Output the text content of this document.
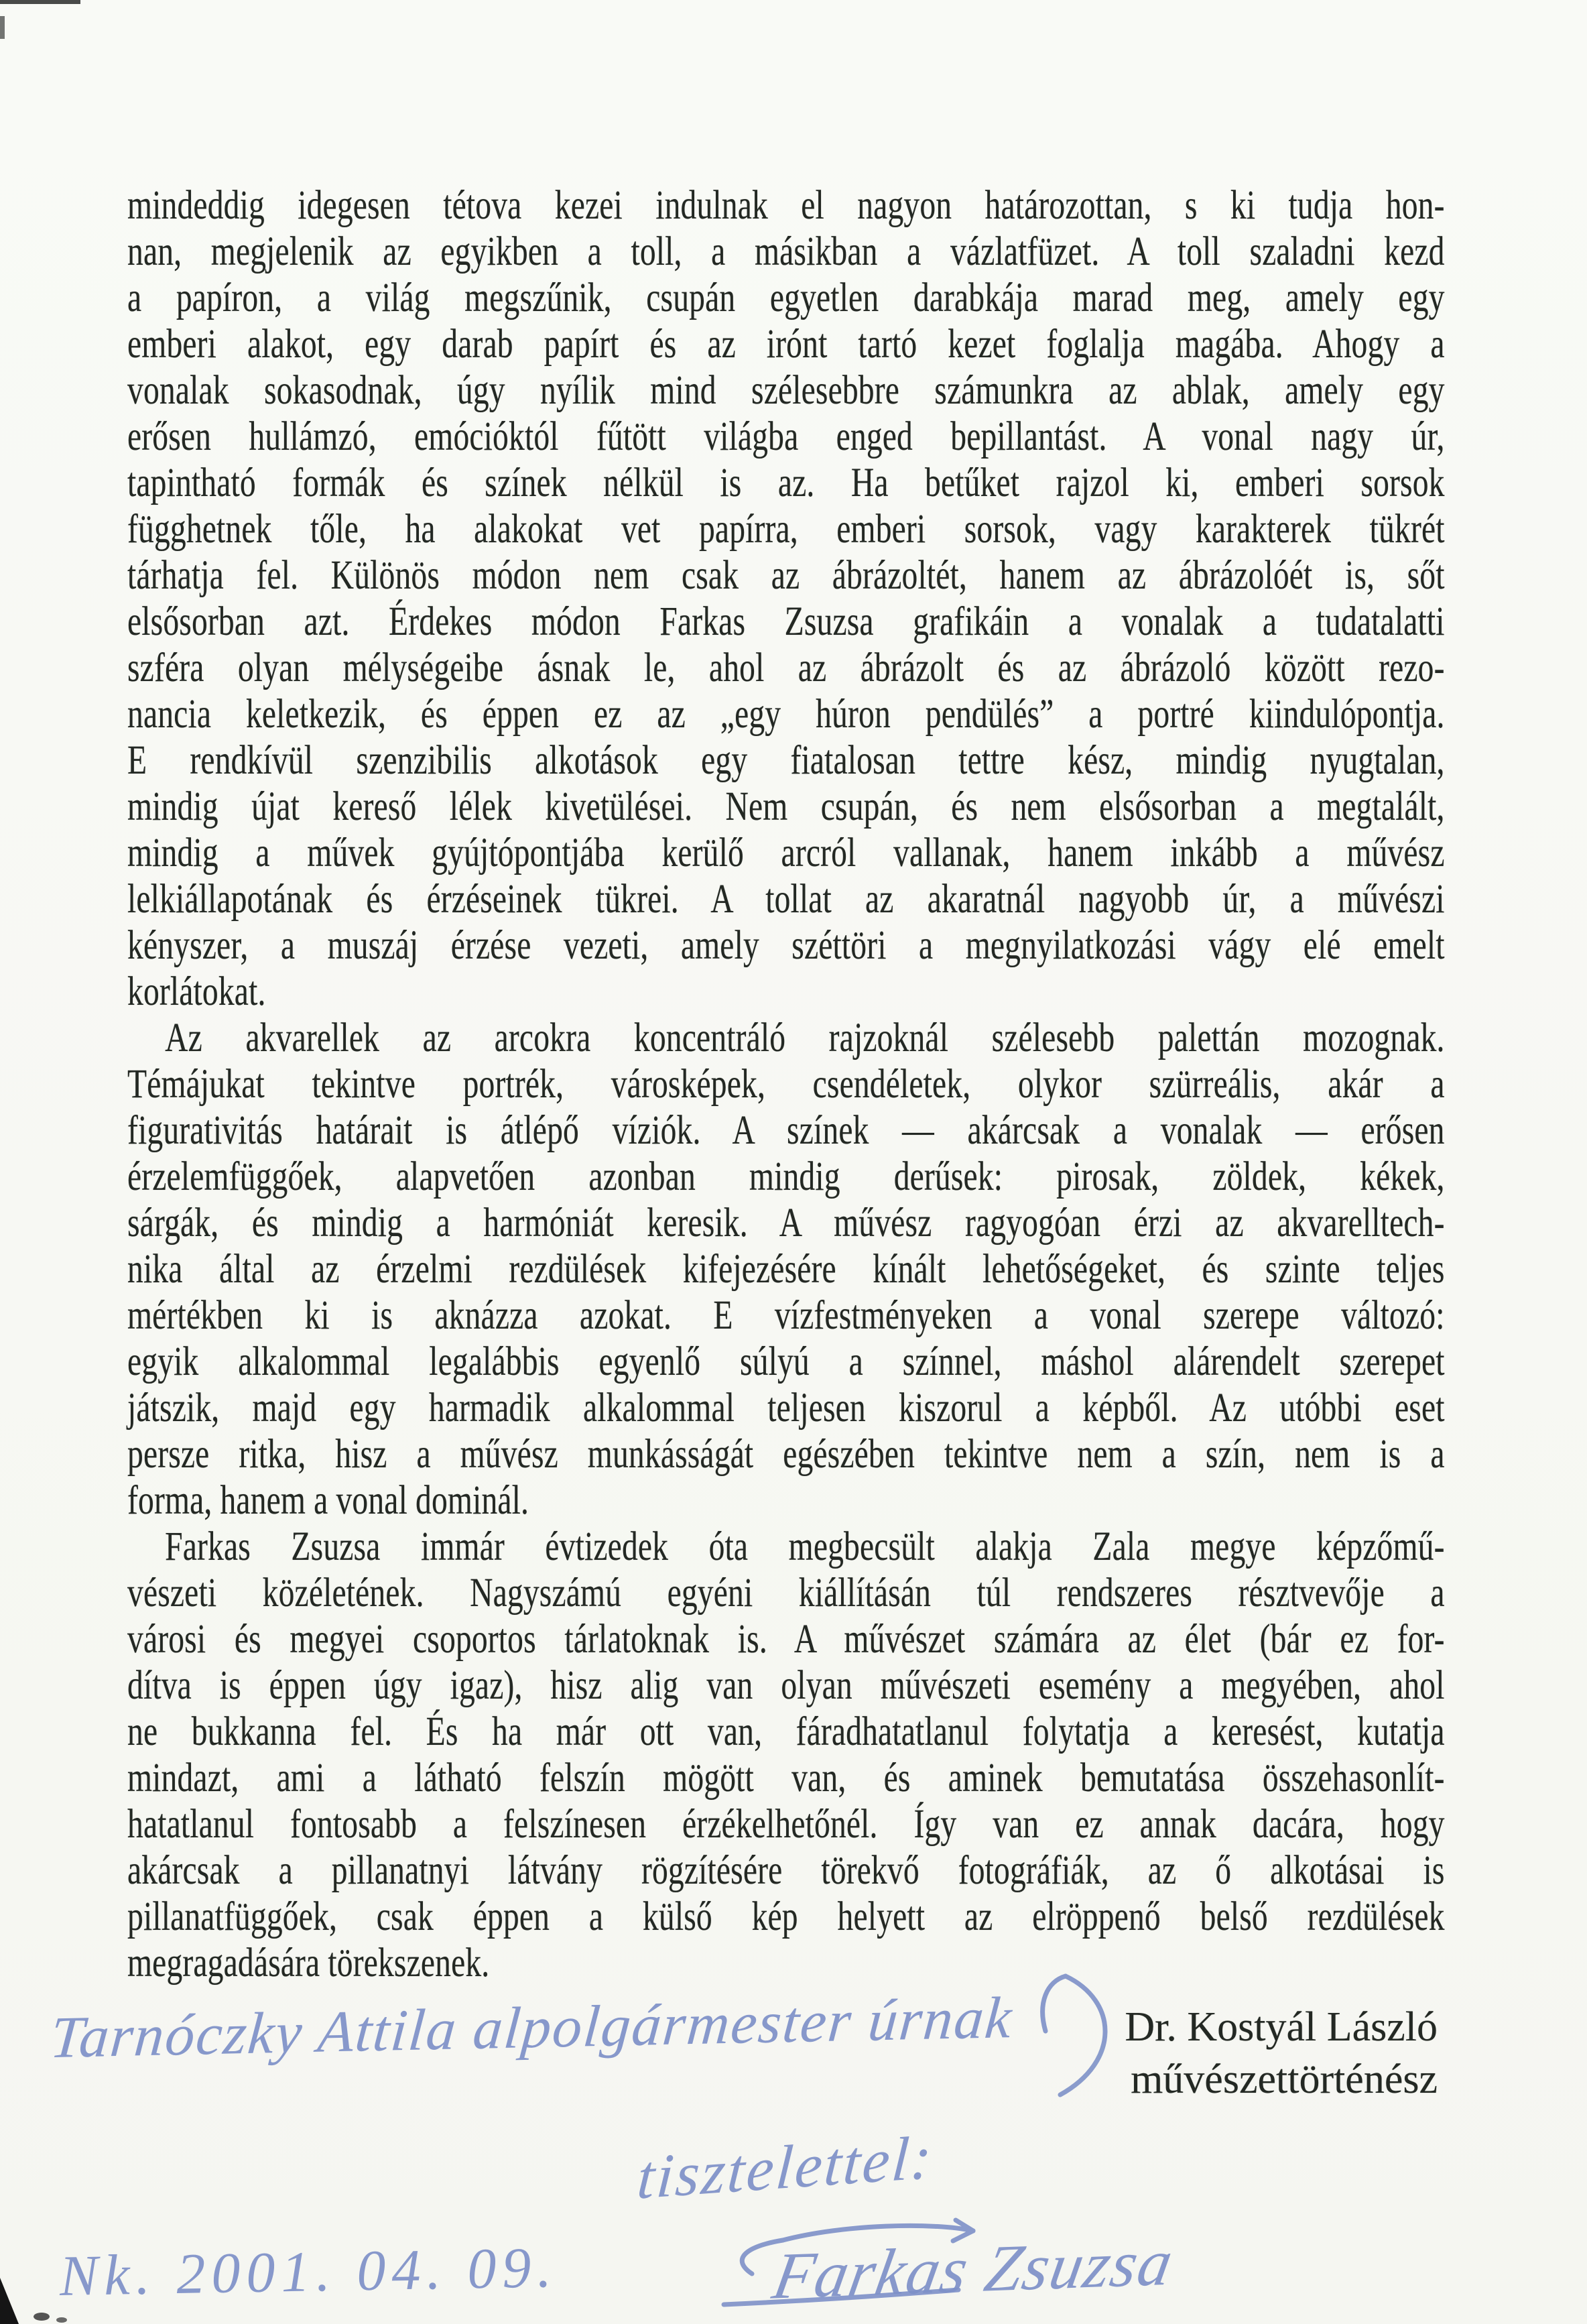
mindeddig idegesen tétova kezei indulnak el nagyon határozottan, s ki tudja hon-
nan, megjelenik az egyikben a toll, a másikban a vázlatfüzet. A toll szaladni kezd
a papíron, a világ megszűnik, csupán egyetlen darabkája marad meg, amely egy
emberi alakot, egy darab papírt és az irónt tartó kezet foglalja magába. Ahogy a
vonalak sokasodnak, úgy nyílik mind szélesebbre számunkra az ablak, amely egy
erősen hullámzó, emócióktól fűtött világba enged bepillantást. A vonal nagy úr,
tapintható formák és színek nélkül is az. Ha betűket rajzol ki, emberi sorsok
függhetnek tőle, ha alakokat vet papírra, emberi sorsok, vagy karakterek tükrét
tárhatja fel. Különös módon nem csak az ábrázoltét, hanem az ábrázolóét is, sőt
elsősorban azt. Érdekes módon Farkas Zsuzsa grafikáin a vonalak a tudatalatti
szféra olyan mélységeibe ásnak le, ahol az ábrázolt és az ábrázoló között rezo-
nancia keletkezik, és éppen ez az „egy húron pendülés” a portré kiindulópontja.
E rendkívül szenzibilis alkotások egy fiatalosan tettre kész, mindig nyugtalan,
mindig újat kereső lélek kivetülései. Nem csupán, és nem elsősorban a megtalált,
mindig a művek gyújtópontjába kerülő arcról vallanak, hanem inkább a művész
lelkiállapotának és érzéseinek tükrei. A tollat az akaratnál nagyobb úr, a művészi
kényszer, a muszáj érzése vezeti, amely széttöri a megnyilatkozási vágy elé emelt
korlátokat.
Az akvarellek az arcokra koncentráló rajzoknál szélesebb palettán mozognak.
Témájukat tekintve portrék, városképek, csendéletek, olykor szürreális, akár a
figurativitás határait is átlépő víziók. A színek — akárcsak a vonalak — erősen
érzelemfüggőek, alapvetően azonban mindig derűsek: pirosak, zöldek, kékek,
sárgák, és mindig a harmóniát keresik. A művész ragyogóan érzi az akvarelltech-
nika által az érzelmi rezdülések kifejezésére kínált lehetőségeket, és szinte teljes
mértékben ki is aknázza azokat. E vízfestményeken a vonal szerepe változó:
egyik alkalommal legalábbis egyenlő súlyú a színnel, máshol alárendelt szerepet
játszik, majd egy harmadik alkalommal teljesen kiszorul a képből. Az utóbbi eset
persze ritka, hisz a művész munkásságát egészében tekintve nem a szín, nem is a
forma, hanem a vonal dominál.
Farkas Zsuzsa immár évtizedek óta megbecsült alakja Zala megye képzőmű-
vészeti közéletének. Nagyszámú egyéni kiállításán túl rendszeres résztvevője a
városi és megyei csoportos tárlatoknak is. A művészet számára az élet (bár ez for-
dítva is éppen úgy igaz), hisz alig van olyan művészeti esemény a megyében, ahol
ne bukkanna fel. És ha már ott van, fáradhatatlanul folytatja a keresést, kutatja
mindazt, ami a látható felszín mögött van, és aminek bemutatása összehasonlít-
hatatlanul fontosabb a felszínesen érzékelhetőnél. Így van ez annak dacára, hogy
akárcsak a pillanatnyi látvány rögzítésére törekvő fotográfiák, az ő alkotásai is
pillanatfüggőek, csak éppen a külső kép helyett az elröppenő belső rezdülések
megragadására törekszenek.
Dr. Kostyál László
művészettörténész
Tarnóczky Attila alpolgármester úrnak
tisztelettel:
Farkas Zsuzsa
Nk. 2001. 04. 09.
